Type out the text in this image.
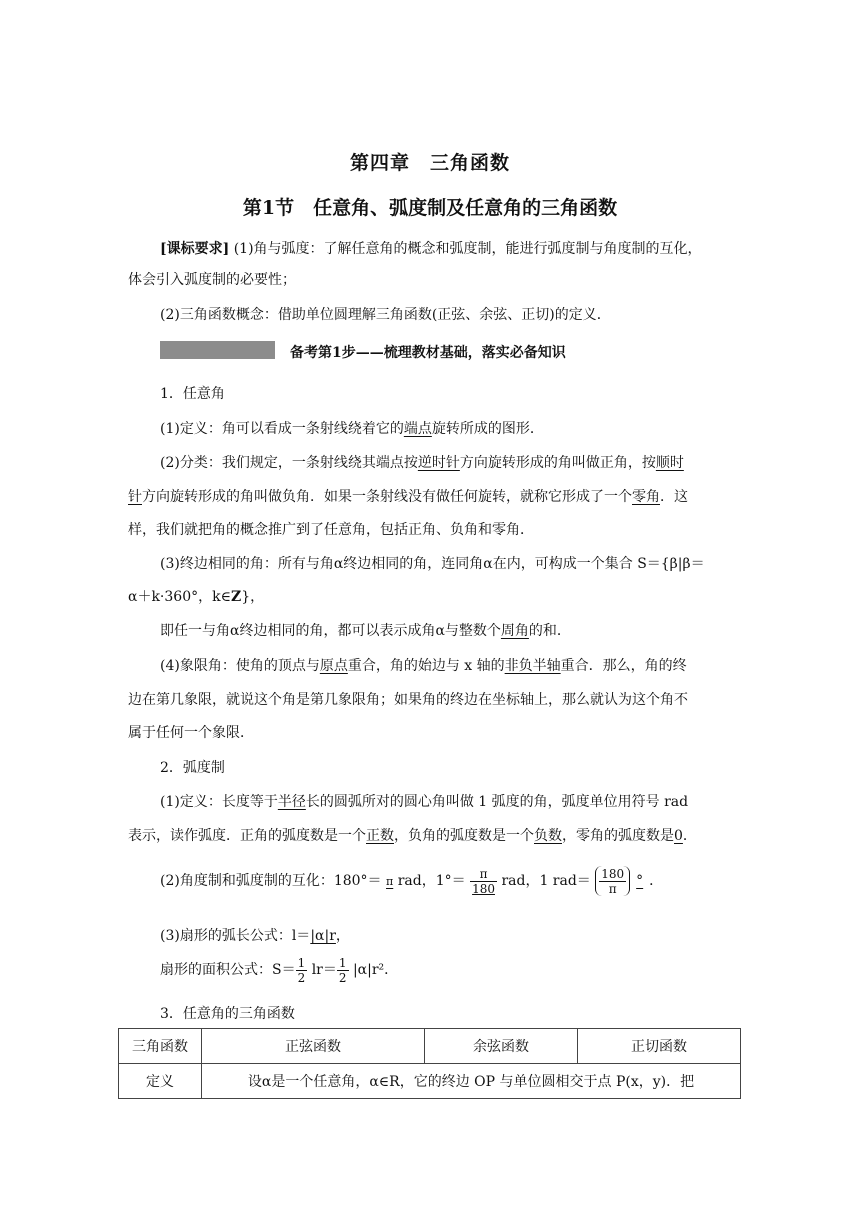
第四章　三角函数
第1节　任意角、弧度制及任意角的三角函数
[课标要求] (1)角与弧度：了解任意角的概念和弧度制，能进行弧度制与角度制的互化，
体会引入弧度制的必要性；
(2)三角函数概念：借助单位圆理解三角函数(正弦、余弦、正切)的定义．
备考第1步——梳理教材基础，落实必备知识
1．任意角
(1)定义：角可以看成一条射线绕着它的端点旋转所成的图形．
(2)分类：我们规定，一条射线绕其端点按逆时针方向旋转形成的角叫做正角，按顺时
针方向旋转形成的角叫做负角．如果一条射线没有做任何旋转，就称它形成了一个零角．这
样，我们就把角的概念推广到了任意角，包括正角、负角和零角．
(3)终边相同的角：所有与角α终边相同的角，连同角α在内，可构成一个集合 S＝{β|β＝
α＋k·360°，k∈Z}，
即任一与角α终边相同的角，都可以表示成角α与整数个周角的和．
(4)象限角：使角的顶点与原点重合，角的始边与 x 轴的非负半轴重合．那么，角的终
边在第几象限，就说这个角是第几象限角；如果角的终边在坐标轴上，那么就认为这个角不
属于任何一个象限．
2．弧度制
(1)定义：长度等于半径长的圆弧所对的圆心角叫做 1 弧度的角，弧度单位用符号 rad
表示，读作弧度．正角的弧度数是一个正数，负角的弧度数是一个负数，零角的弧度数是0．
(2)角度制和弧度制的互化：180°＝ π rad，$1^\circ= \frac{\pi}{180}$ rad，1 $rad= \frac{180}{\pi}$ ° ．
(3)扇形的弧长公式：l＝|α|r，
扇形的面积公式：$S= \frac{1}{2} lr= \frac{1}{2} |\alpha|r^2$．
3．任意角的三角函数
三角函数	正弦函数	余弦函数	正切函数
定义	设α是一个任意角，α∈R，它的终边 OP 与单位圆相交于点 P(x，y)．把		
